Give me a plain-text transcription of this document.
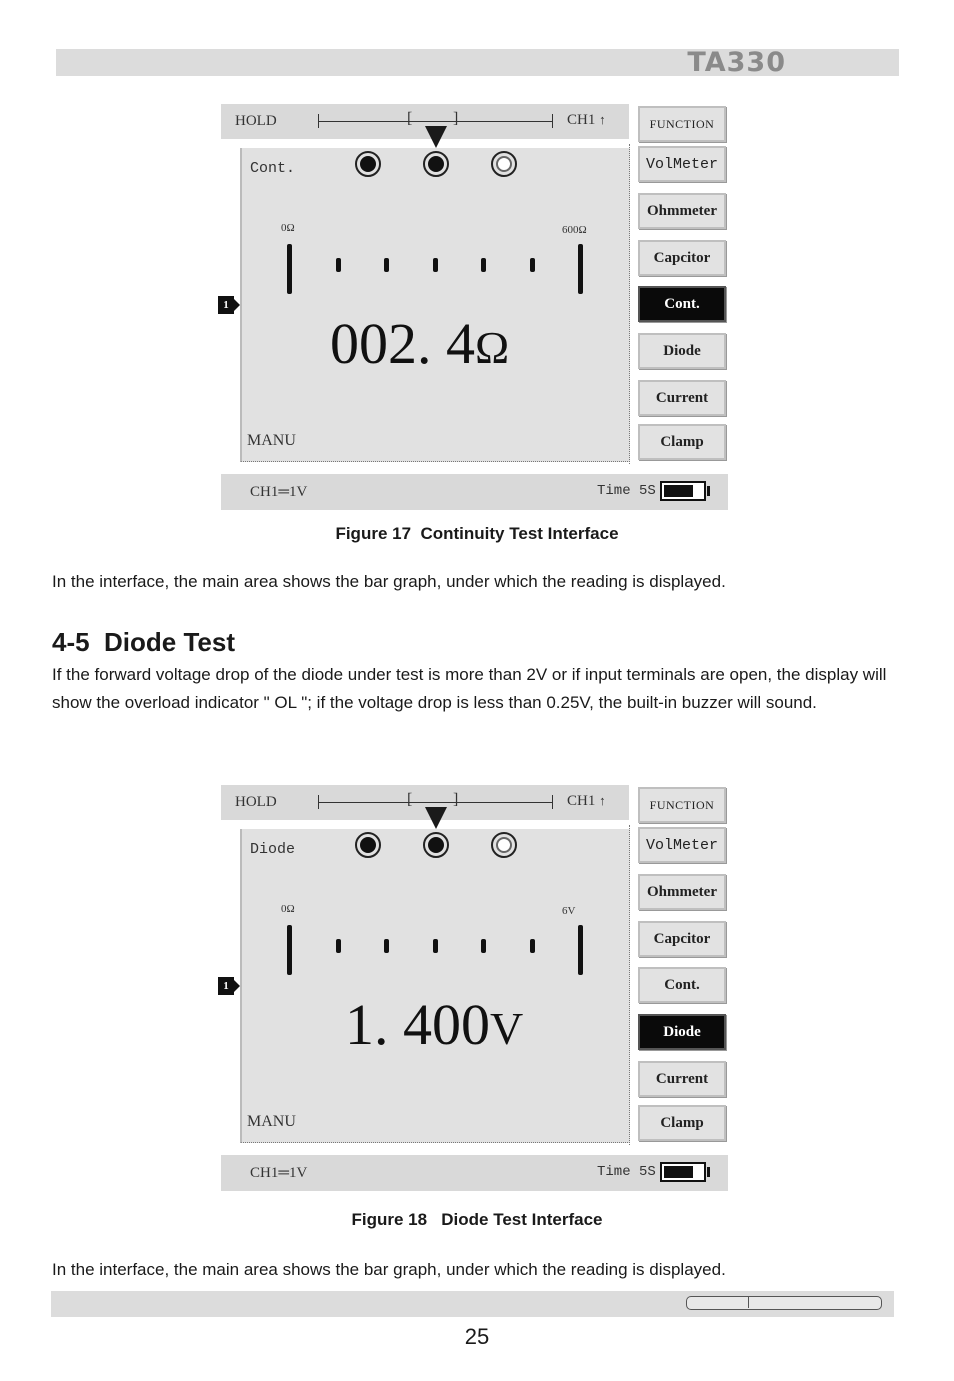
TA330
HOLD	[	]	CH1 ↑
Cont.
0Ω	600Ω
002. 4Ω
MANU
1
FUNCTION
VolMeter
Ohmmeter
Capcitor
Cont.
Diode
Current
Clamp
CH1═1V	Time 5S
Figure 17  Continuity Test Interface
In the interface, the main area shows the bar graph, under which the reading is displayed.
4-5  Diode Test
If the forward voltage drop of the diode under test is more than 2V or if input terminals are open, the display will show the overload indicator " OL "; if the voltage drop is less than 0.25V, the built-in buzzer will sound.
HOLD	[	]	CH1 ↑
Diode
0Ω	6V
1. 400V
MANU
1
FUNCTION
VolMeter
Ohmmeter
Capcitor
Cont.
Diode
Current
Clamp
CH1═1V	Time 5S
Figure 18   Diode Test Interface
In the interface, the main area shows the bar graph, under which the reading is displayed.
25
